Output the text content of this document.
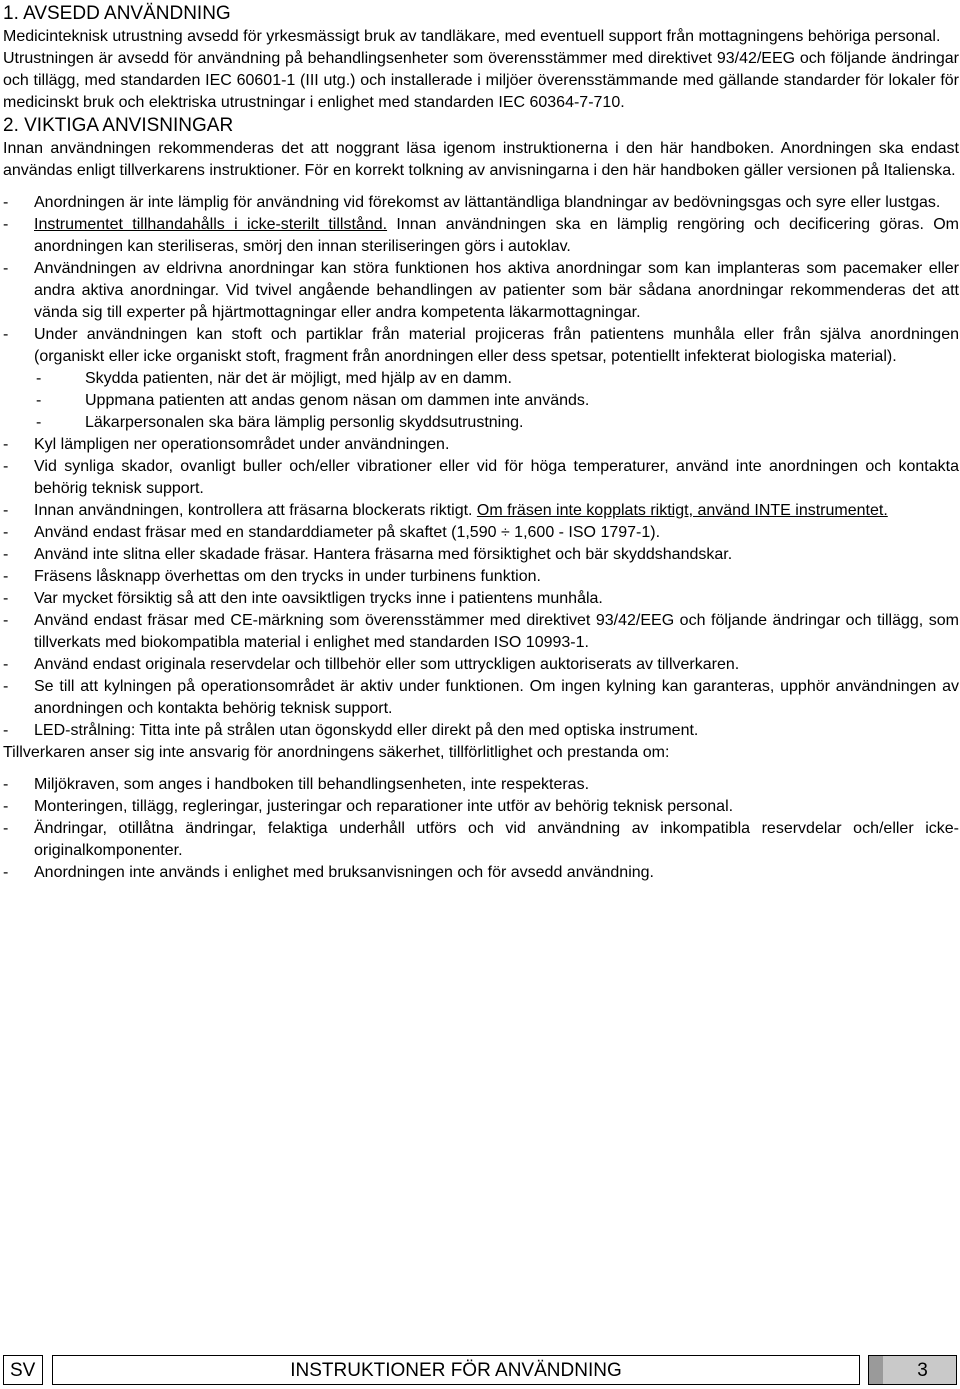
1. AVSEDD ANVÄNDNING

Medicinteknisk utrustning avsedd för yrkesmässigt bruk av tandläkare, med eventuell support från mottagningens behöriga personal.

Utrustningen är avsedd för användning på behandlingsenheter som överensstämmer med direktivet 93/42/EEG och följande ändringar och tillägg, med standarden IEC 60601-1 (III utg.) och installerade i miljöer överensstämmande med gällande standarder för lokaler för medicinskt bruk och elektriska utrustningar i enlighet med standarden IEC 60364-7-710.

2. VIKTIGA ANVISNINGAR

Innan användningen rekommenderas det att noggrant läsa igenom instruktionerna i den här handboken. Anordningen ska endast användas enligt tillverkarens instruktioner. För en korrekt tolkning av anvisningarna i den här handboken gäller versionen på Italienska.

- Anordningen är inte lämplig för användning vid förekomst av lättantändliga blandningar av bedövningsgas och syre eller lustgas.
- Instrumentet tillhandahålls i icke-sterilt tillstånd. Innan användningen ska en lämplig rengöring och decificering göras. Om anordningen kan steriliseras, smörj den innan steriliseringen görs i autoklav.
- Användningen av eldrivna anordningar kan störa funktionen hos aktiva anordningar som kan implanteras som pacemaker eller andra aktiva anordningar. Vid tvivel angående behandlingen av patienter som bär sådana anordningar rekommenderas det att vända sig till experter på hjärtmottagningar eller andra kompetenta läkarmottagningar.
- Under användningen kan stoft och partiklar från material projiceras från patientens munhåla eller från själva anordningen (organiskt eller icke organiskt stoft, fragment från anordningen eller dess spetsar, potentiellt infekterat biologiska material).
- Skydda patienten, när det är möjligt, med hjälp av en damm.
- Uppmana patienten att andas genom näsan om dammen inte används.
- Läkarpersonalen ska bära lämplig personlig skyddsutrustning.
- Kyl lämpligen ner operationsområdet under användningen.
- Vid synliga skador, ovanligt buller och/eller vibrationer eller vid för höga temperaturer, använd inte anordningen och kontakta behörig teknisk support.
- Innan användningen, kontrollera att fräsarna blockerats riktigt. Om fräsen inte kopplats riktigt, använd INTE instrumentet.
- Använd endast fräsar med en standarddiameter på skaftet (1,590 ÷ 1,600 - ISO 1797-1).
- Använd inte slitna eller skadade fräsar. Hantera fräsarna med försiktighet och bär skyddshandskar.
- Fräsens låsknapp överhettas om den trycks in under turbinens funktion.
- Var mycket försiktig så att den inte oavsiktligen trycks inne i patientens munhåla.
- Använd endast fräsar med CE-märkning som överensstämmer med direktivet 93/42/EEG och följande ändringar och tillägg, som tillverkats med biokompatibla material i enlighet med standarden ISO 10993-1.
- Använd endast originala reservdelar och tillbehör eller som uttryckligen auktoriserats av tillverkaren.
- Se till att kylningen på operationsområdet är aktiv under funktionen. Om ingen kylning kan garanteras, upphör användningen av anordningen och kontakta behörig teknisk support.
- LED-strålning: Titta inte på strålen utan ögonskydd eller direkt på den med optiska instrument.

Tillverkaren anser sig inte ansvarig för anordningens säkerhet, tillförlitlighet och prestanda om:

- Miljökraven, som anges i handboken till behandlingsenheten, inte respekteras.
- Monteringen, tillägg, regleringar, justeringar och reparationer inte utför av behörig teknisk personal.
- Ändringar, otillåtna ändringar, felaktiga underhåll utförs och vid användning av inkompatibla reservdelar och/eller icke-originalkomponenter.
- Anordningen inte används i enlighet med bruksanvisningen och för avsedd användning.
SV	INSTRUKTIONER FÖR ANVÄNDNING	3
